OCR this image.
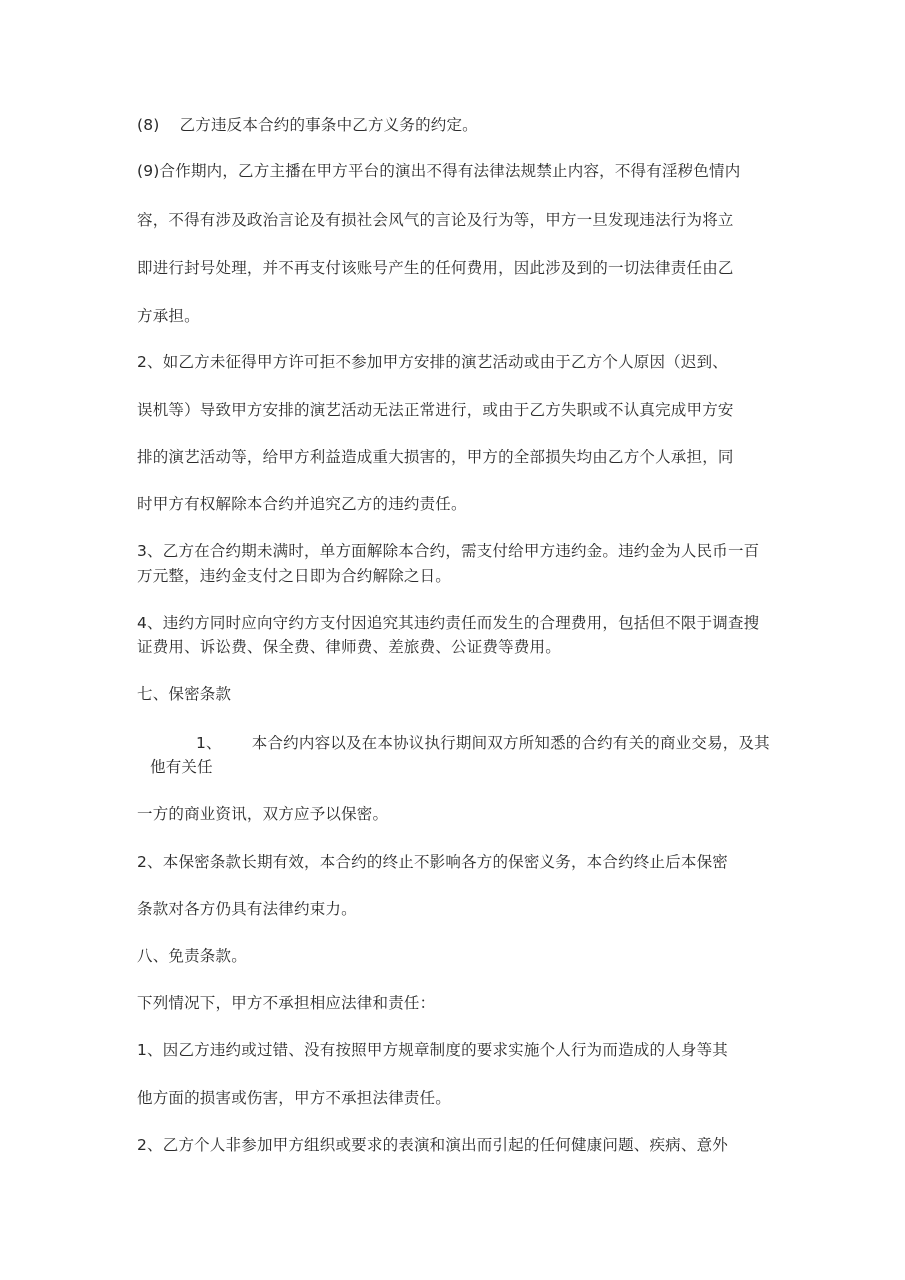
(8) 乙方违反本合约的事条中乙方义务的约定。
(9)合作期内，乙方主播在甲方平台的演出不得有法律法规禁止内容，不得有淫秽色情内
容，不得有涉及政治言论及有损社会风气的言论及行为等，甲方一旦发现违法行为将立
即进行封号处理，并不再支付该账号产生的任何费用，因此涉及到的一切法律责任由乙
方承担。
2、如乙方未征得甲方许可拒不参加甲方安排的演艺活动或由于乙方个人原因（迟到、
误机等）导致甲方安排的演艺活动无法正常进行，或由于乙方失职或不认真完成甲方安
排的演艺活动等，给甲方利益造成重大损害的，甲方的全部损失均由乙方个人承担，同
时甲方有权解除本合约并追究乙方的违约责任。
3、乙方在合约期未满时，单方面解除本合约，需支付给甲方违约金。违约金为人民币一百
万元整，违约金支付之日即为合约解除之日。
4、违约方同时应向守约方支付因追究其违约责任而发生的合理费用，包括但不限于调查搜
证费用、诉讼费、保全费、律师费、差旅费、公证费等费用。
七、保密条款
1、 本合约内容以及在本协议执行期间双方所知悉的合约有关的商业交易，及其
他有关任
一方的商业资讯，双方应予以保密。
2、本保密条款长期有效，本合约的终止不影响各方的保密义务，本合约终止后本保密
条款对各方仍具有法律约束力。
八、免责条款。
下列情况下，甲方不承担相应法律和责任：
1、因乙方违约或过错、没有按照甲方规章制度的要求实施个人行为而造成的人身等其
他方面的损害或伤害，甲方不承担法律责任。
2、乙方个人非参加甲方组织或要求的表演和演出而引起的任何健康问题、疾病、意外
